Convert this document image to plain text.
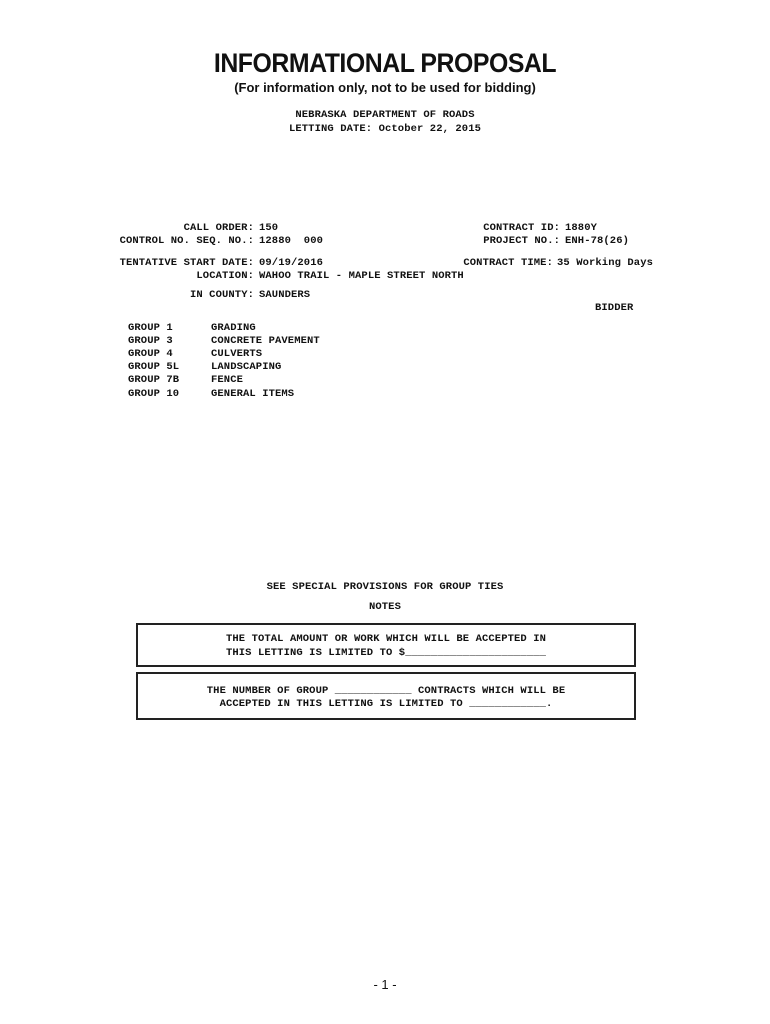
INFORMATIONAL PROPOSAL
(For information only, not to be used for bidding)
NEBRASKA DEPARTMENT OF ROADS
LETTING DATE: October 22, 2015
CALL ORDER: 150
CONTROL NO. SEQ. NO.: 12880  000
CONTRACT ID: 1880Y
PROJECT NO.: ENH-78(26)
TENTATIVE START DATE: 09/19/2016	CONTRACT TIME: 35 Working Days
LOCATION: WAHOO TRAIL - MAPLE STREET NORTH
IN COUNTY: SAUNDERS
BIDDER
GROUP 1	GRADING
GROUP 3	CONCRETE PAVEMENT
GROUP 4	CULVERTS
GROUP 5L	LANDSCAPING
GROUP 7B	FENCE
GROUP 10	GENERAL ITEMS
SEE SPECIAL PROVISIONS FOR GROUP TIES
NOTES
THE TOTAL AMOUNT OR WORK WHICH WILL BE ACCEPTED IN
THIS LETTING IS LIMITED TO $______________________
THE NUMBER OF GROUP ____________ CONTRACTS WHICH WILL BE
ACCEPTED IN THIS LETTING IS LIMITED TO ____________.
- 1 -
